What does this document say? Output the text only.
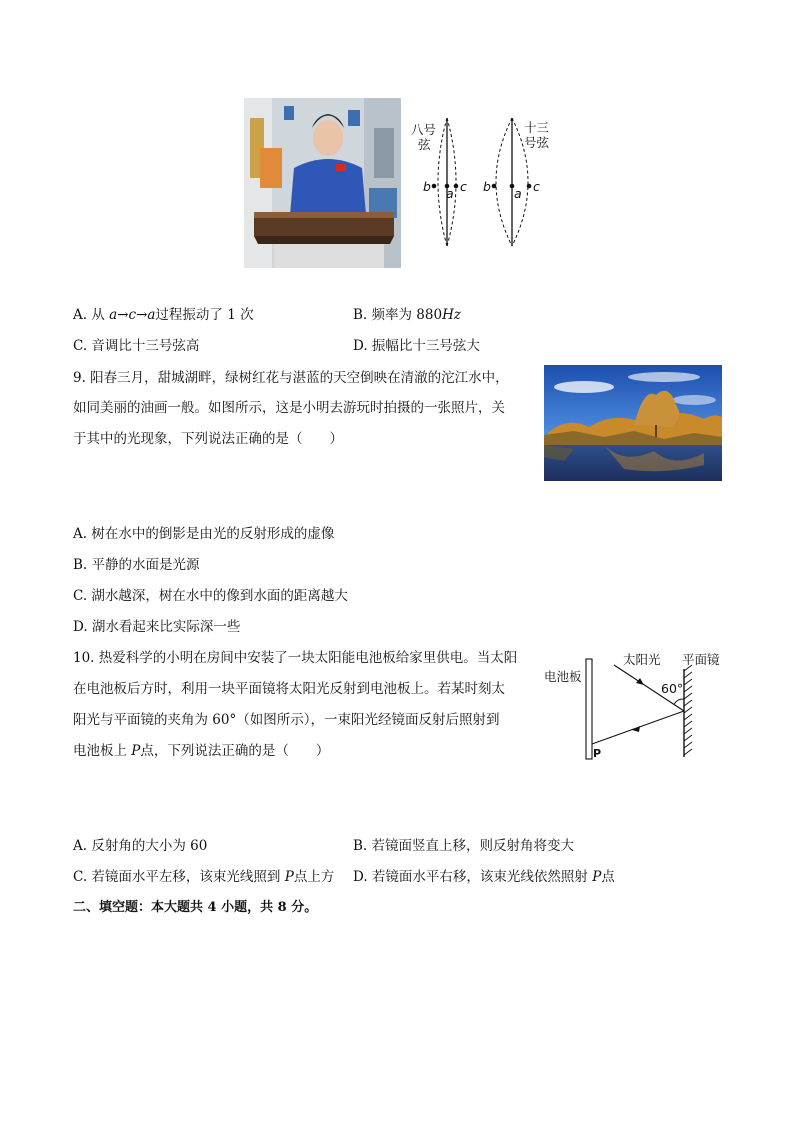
八号
弦
十三
号弦
b a c b a c
A. 从 a→c→a过程振动了 1 次	B. 频率为 880Hz
C. 音调比十三号弦高	D. 振幅比十三号弦大
9. 阳春三月，甜城湖畔，绿树红花与湛蓝的天空倒映在清澈的沱江水中，
如同美丽的油画一般。如图所示，这是小明去游玩时拍摄的一张照片，关
于其中的光现象，下列说法正确的是（　　）
A. 树在水中的倒影是由光的反射形成的虚像
B. 平静的水面是光源
C. 湖水越深，树在水中的像到水面的距离越大
D. 湖水看起来比实际深一些
10. 热爱科学的小明在房间中安装了一块太阳能电池板给家里供电。当太阳
在电池板后方时，利用一块平面镜将太阳光反射到电池板上。若某时刻太
阳光与平面镜的夹角为 60°（如图所示），一束阳光经镜面反射后照射到
电池板上 P点，下列说法正确的是（　　）
电池板
太阳光 平面镜
60°
P
A. 反射角的大小为 60	B. 若镜面竖直上移，则反射角将变大
C. 若镜面水平左移，该束光线照到 P点上方 D. 若镜面水平右移，该束光线依然照射 P点
二、填空题：本大题共 4 小题，共 8 分。
